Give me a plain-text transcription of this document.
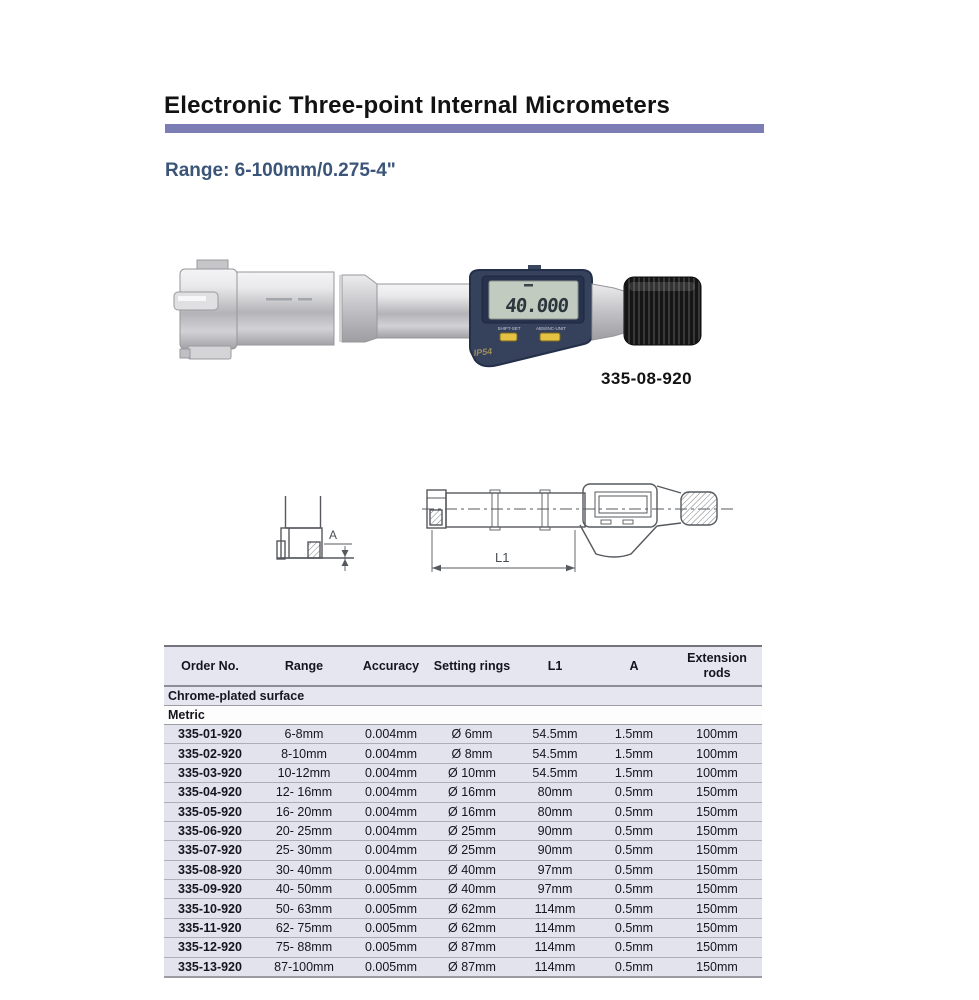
Electronic Three-point Internal Micrometers
Range: 6-100mm/0.275-4"
40.000
SHIFT-SET	ABS/INC-UNIT
IP54
335-08-920
A
L1
Order No.	Range	Accuracy	Setting rings	L1	A	Extension rods
Chrome-plated surface						
Metric						
335-01-920	6-8mm	0.004mm	Ø 6mm	54.5mm	1.5mm	100mm
335-02-920	8-10mm	0.004mm	Ø 8mm	54.5mm	1.5mm	100mm
335-03-920	10-12mm	0.004mm	Ø 10mm	54.5mm	1.5mm	100mm
335-04-920	12- 16mm	0.004mm	Ø 16mm	80mm	0.5mm	150mm
335-05-920	16- 20mm	0.004mm	Ø 16mm	80mm	0.5mm	150mm
335-06-920	20- 25mm	0.004mm	Ø 25mm	90mm	0.5mm	150mm
335-07-920	25- 30mm	0.004mm	Ø 25mm	90mm	0.5mm	150mm
335-08-920	30- 40mm	0.004mm	Ø 40mm	97mm	0.5mm	150mm
335-09-920	40- 50mm	0.005mm	Ø 40mm	97mm	0.5mm	150mm
335-10-920	50- 63mm	0.005mm	Ø 62mm	114mm	0.5mm	150mm
335-11-920	62- 75mm	0.005mm	Ø 62mm	114mm	0.5mm	150mm
335-12-920	75- 88mm	0.005mm	Ø 87mm	114mm	0.5mm	150mm
335-13-920	87-100mm	0.005mm	Ø 87mm	114mm	0.5mm	150mm
